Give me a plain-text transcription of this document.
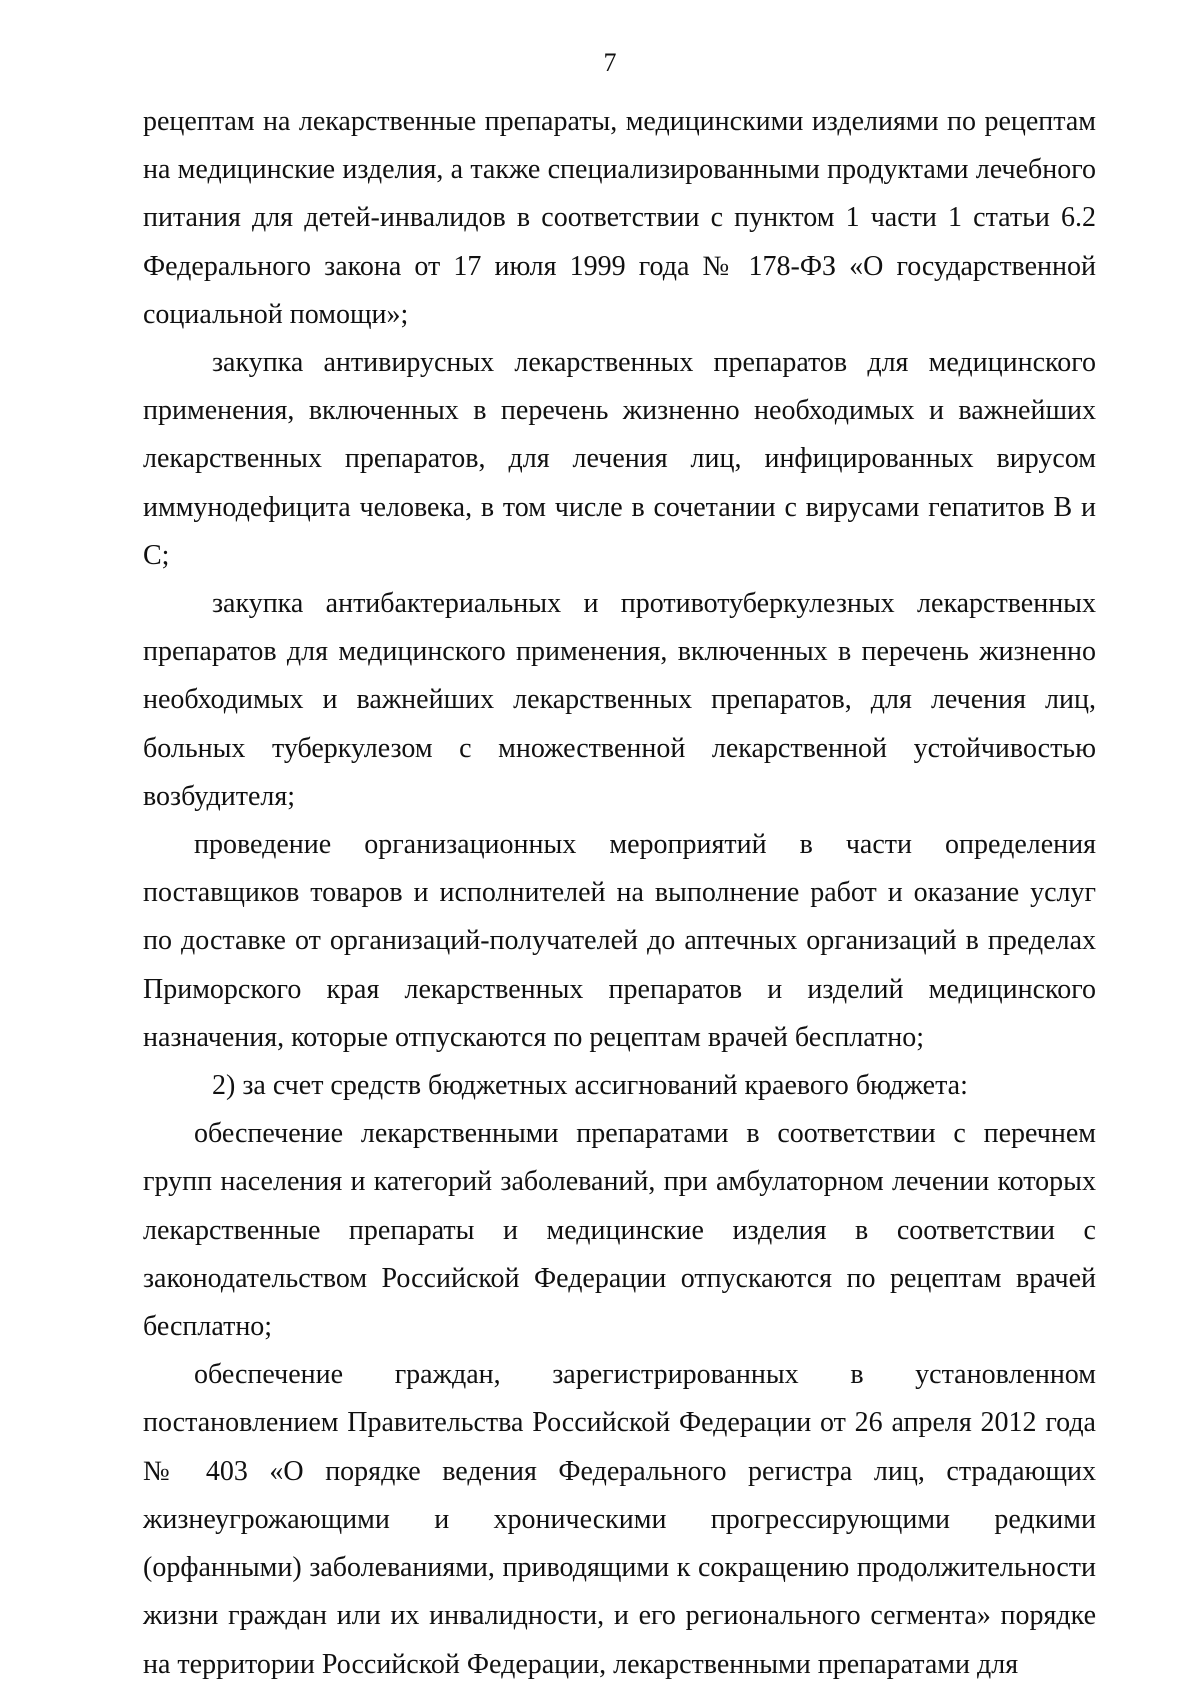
7

рецептам на лекарственные препараты, медицинскими изделиями по рецептам на медицинские изделия, а также специализированными продуктами лечебного питания для детей-инвалидов в соответствии с пунктом 1 части 1 статьи 6.2 Федерального закона от 17 июля 1999 года № 178-ФЗ «О государственной социальной помощи»;

закупка антивирусных лекарственных препаратов для медицинского применения, включенных в перечень жизненно необходимых и важнейших лекарственных препаратов, для лечения лиц, инфицированных вирусом иммунодефицита человека, в том числе в сочетании с вирусами гепатитов B и C;

закупка антибактериальных и противотуберкулезных лекарственных препаратов для медицинского применения, включенных в перечень жизненно необходимых и важнейших лекарственных препаратов, для лечения лиц, больных туберкулезом с множественной лекарственной устойчивостью возбудителя;

проведение организационных мероприятий в части определения поставщиков товаров и исполнителей на выполнение работ и оказание услуг по доставке от организаций-получателей до аптечных организаций в пределах Приморского края лекарственных препаратов и изделий медицинского назначения, которые отпускаются по рецептам врачей бесплатно;

2) за счет средств бюджетных ассигнований краевого бюджета:

обеспечение лекарственными препаратами в соответствии с перечнем групп населения и категорий заболеваний, при амбулаторном лечении которых лекарственные препараты и медицинские изделия в соответствии с законодательством Российской Федерации отпускаются по рецептам врачей бесплатно;

обеспечение граждан, зарегистрированных в установленном постановлением Правительства Российской Федерации от 26 апреля 2012 года № 403 «О порядке ведения Федерального регистра лиц, страдающих жизнеугрожающими и хроническими прогрессирующими редкими (орфанными) заболеваниями, приводящими к сокращению продолжительности жизни граждан или их инвалидности, и его регионального сегмента» порядке на территории Российской Федерации, лекарственными препаратами для
